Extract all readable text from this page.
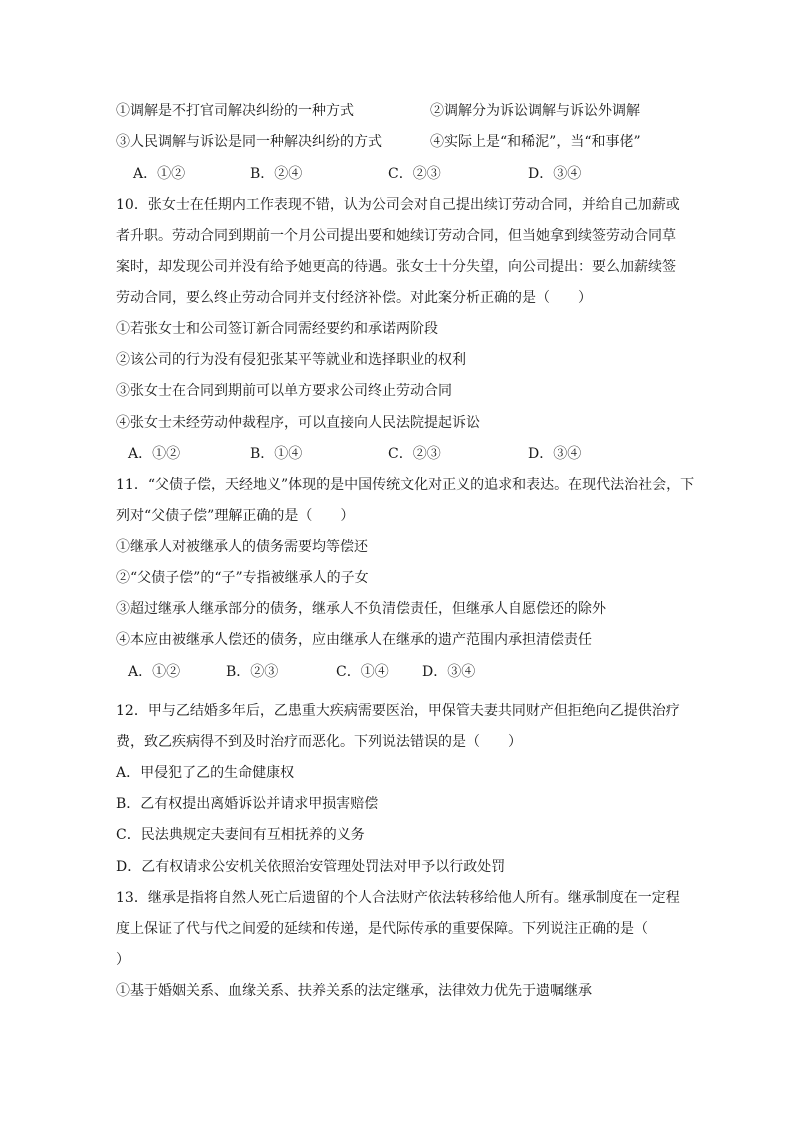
①调解是不打官司解决纠纷的一种方式	②调解分为诉讼调解与诉讼外调解
③人民调解与诉讼是同一种解决纠纷的方式	④实际上是“和稀泥”，当“和事佬”
A．①②	B．②④	C．②③	D．③④
10．张女士在任期内工作表现不错，认为公司会对自己提出续订劳动合同，并给自己加薪或
者升职。劳动合同到期前一个月公司提出要和她续订劳动合同，但当她拿到续签劳动合同草
案时，却发现公司并没有给予她更高的待遇。张女士十分失望，向公司提出：要么加薪续签
劳动合同，要么终止劳动合同并支付经济补偿。对此案分析正确的是（　　）
①若张女士和公司签订新合同需经要约和承诺两阶段
②该公司的行为没有侵犯张某平等就业和选择职业的权利
③张女士在合同到期前可以单方要求公司终止劳动合同
④张女士未经劳动仲裁程序，可以直接向人民法院提起诉讼
A．①②	B．①④	C．②③	D．③④
11．“父债子偿，天经地义”体现的是中国传统文化对正义的追求和表达。在现代法治社会，下
列对“父债子偿”理解正确的是（　　）
①继承人对被继承人的债务需要均等偿还
②“父债子偿”的“子”专指被继承人的子女
③超过继承人继承部分的债务，继承人不负清偿责任，但继承人自愿偿还的除外
④本应由被继承人偿还的债务，应由继承人在继承的遗产范围内承担清偿责任
A．①②	B．②③	C．①④ D．③④
12．甲与乙结婚多年后，乙患重大疾病需要医治，甲保管夫妻共同财产但拒绝向乙提供治疗
费，致乙疾病得不到及时治疗而恶化。下列说法错误的是（　　）
A．甲侵犯了乙的生命健康权
B．乙有权提出离婚诉讼并请求甲损害赔偿
C．民法典规定夫妻间有互相抚养的义务
D．乙有权请求公安机关依照治安管理处罚法对甲予以行政处罚
13．继承是指将自然人死亡后遗留的个人合法财产依法转移给他人所有。继承制度在一定程
度上保证了代与代之间爱的延续和传递，是代际传承的重要保障。下列说注正确的是（
）
①基于婚姻关系、血缘关系、扶养关系的法定继承，法律效力优先于遗嘱继承
